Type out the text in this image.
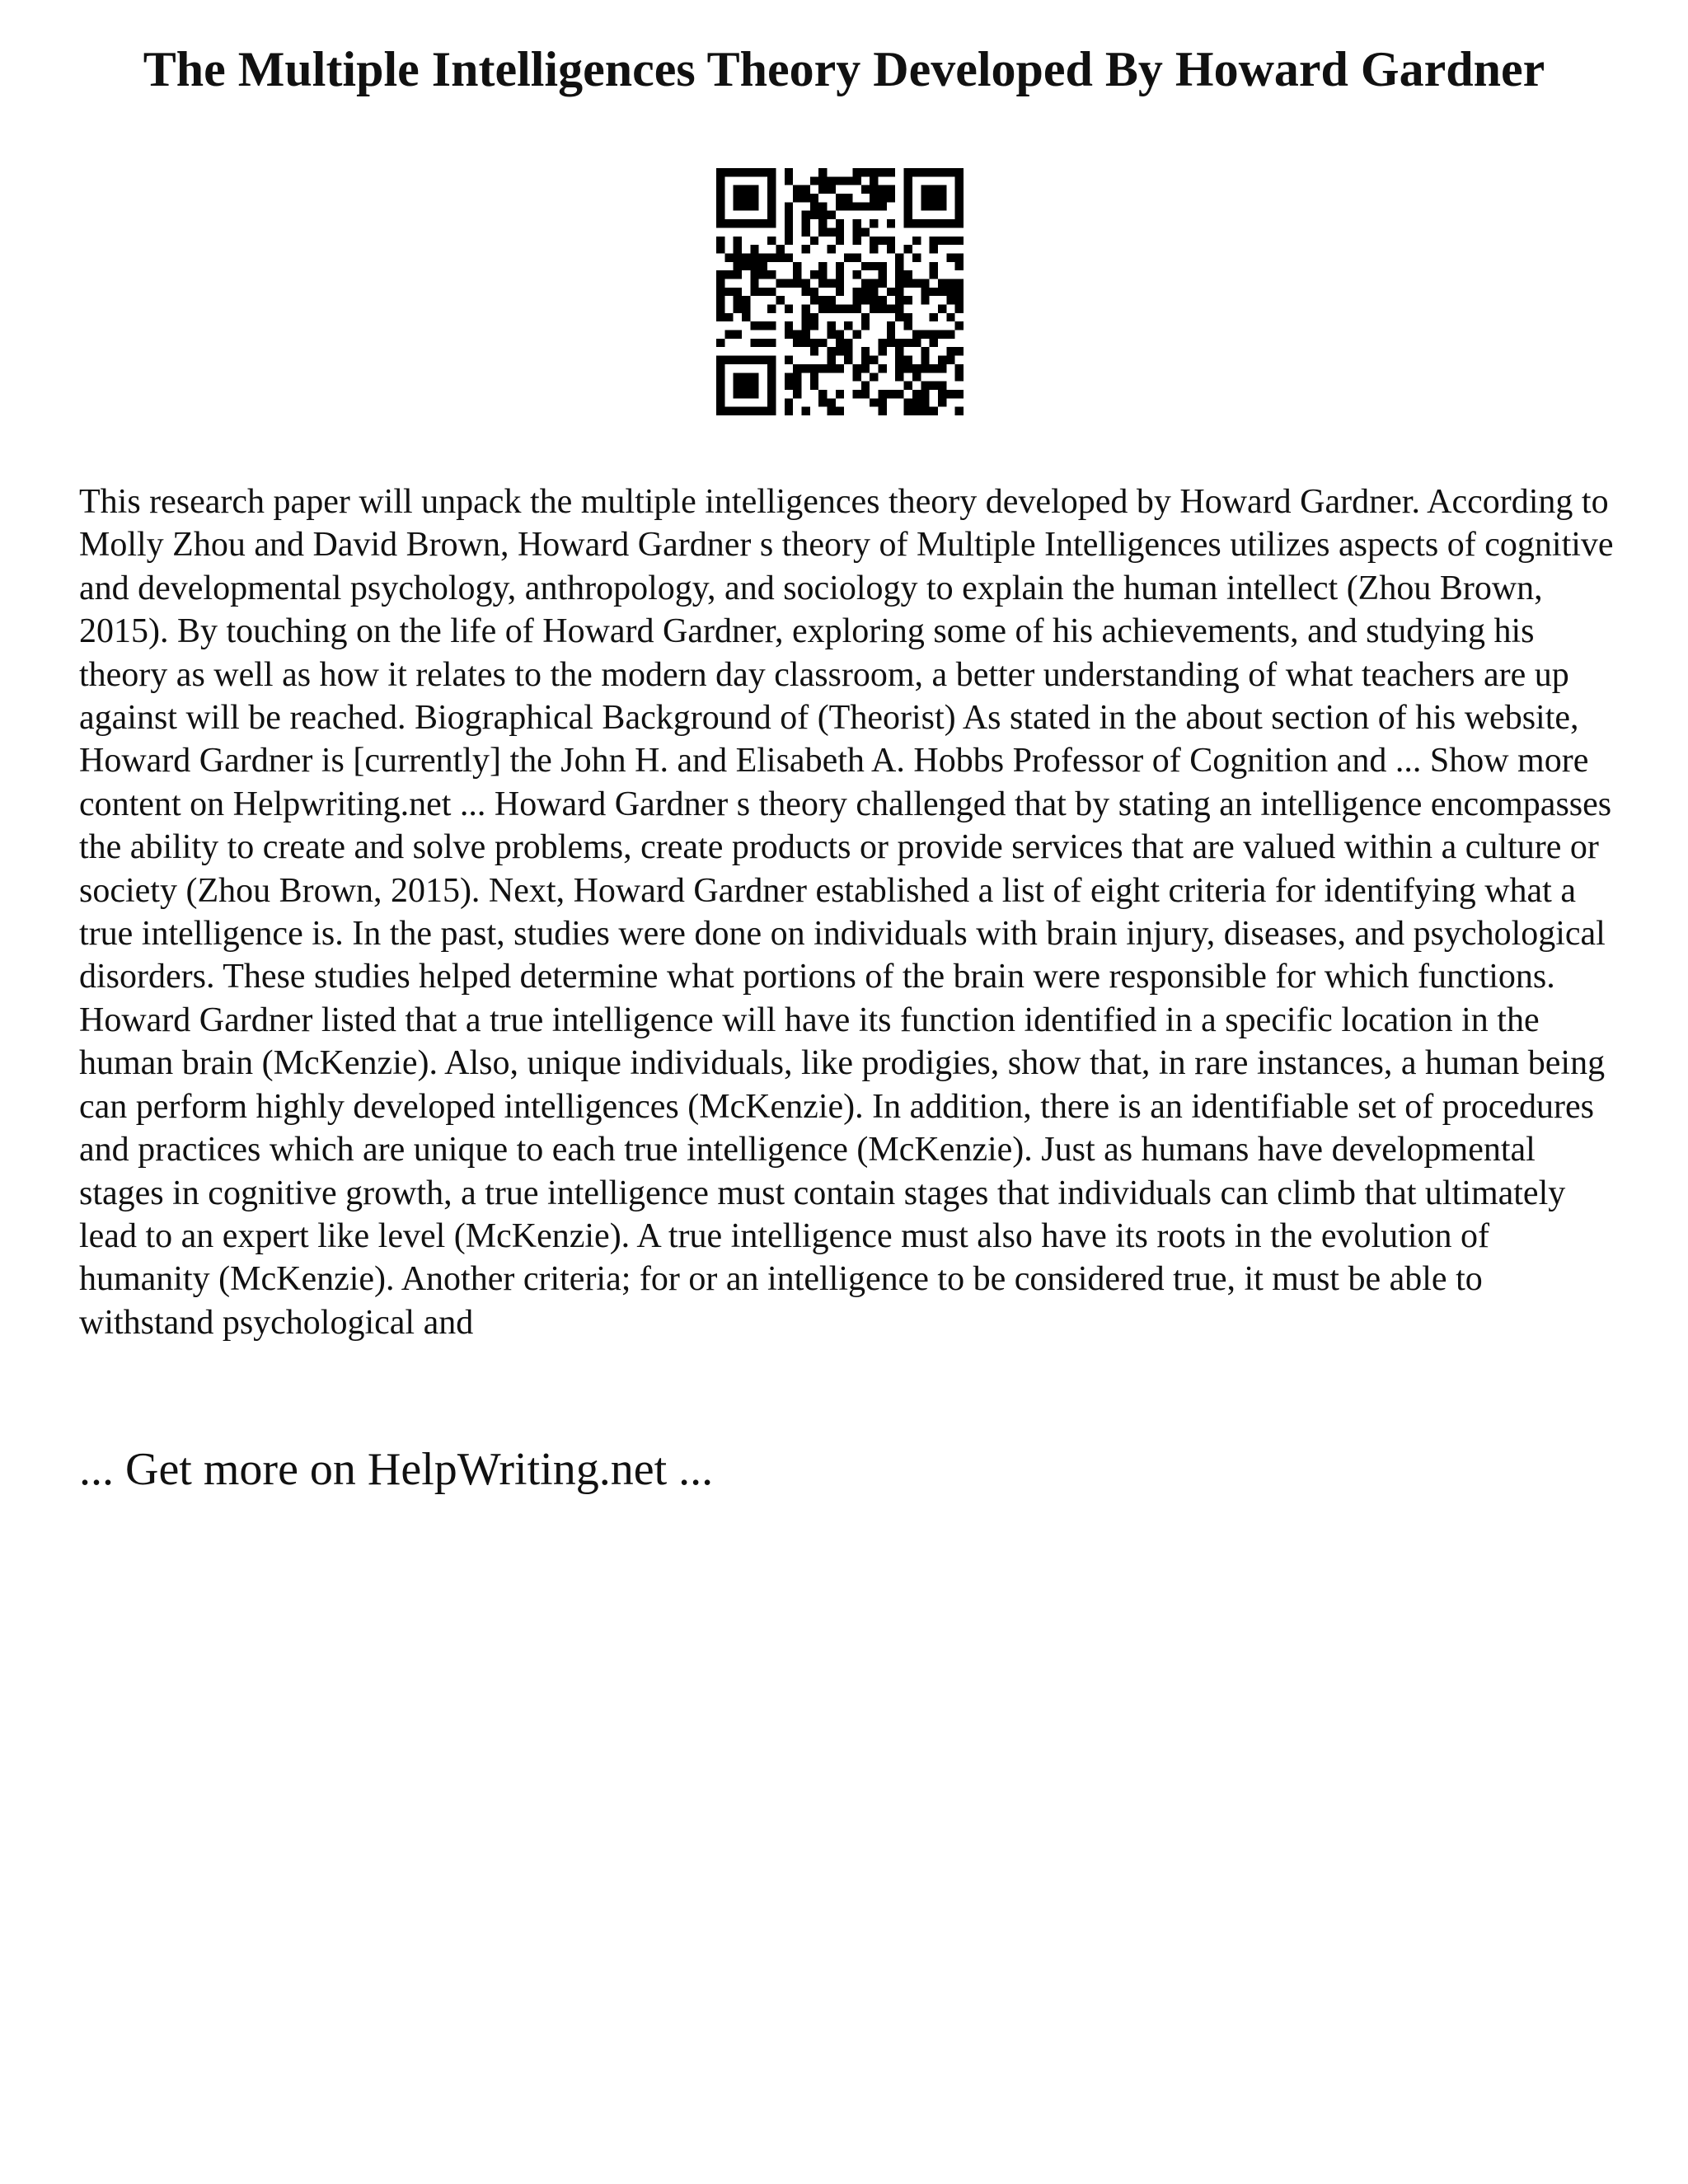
The Multiple Intelligences Theory Developed By Howard Gardner

This research paper will unpack the multiple intelligences theory developed by Howard Gardner. According to Molly Zhou and David Brown, Howard Gardner s theory of Multiple Intelligences utilizes aspects of cognitive and developmental psychology, anthropology, and sociology to explain the human intellect (Zhou Brown, 2015). By touching on the life of Howard Gardner, exploring some of his achievements, and studying his theory as well as how it relates to the modern day classroom, a better understanding of what teachers are up against will be reached. Biographical Background of (Theorist) As stated in the about section of his website, Howard Gardner is [currently] the John H. and Elisabeth A. Hobbs Professor of Cognition and ... Show more content on Helpwriting.net ... Howard Gardner s theory challenged that by stating an intelligence encompasses the ability to create and solve problems, create products or provide services that are valued within a culture or society (Zhou Brown, 2015). Next, Howard Gardner established a list of eight criteria for identifying what a true intelligence is. In the past, studies were done on individuals with brain injury, diseases, and psychological disorders. These studies helped determine what portions of the brain were responsible for which functions. Howard Gardner listed that a true intelligence will have its function identified in a specific location in the human brain (McKenzie). Also, unique individuals, like prodigies, show that, in rare instances, a human being can perform highly developed intelligences (McKenzie). In addition, there is an identifiable set of procedures and practices which are unique to each true intelligence (McKenzie). Just as humans have developmental stages in cognitive growth, a true intelligence must contain stages that individuals can climb that ultimately lead to an expert like level (McKenzie). A true intelligence must also have its roots in the evolution of humanity (McKenzie). Another criteria; for or an intelligence to be considered true, it must be able to withstand psychological and

... Get more on HelpWriting.net ...
